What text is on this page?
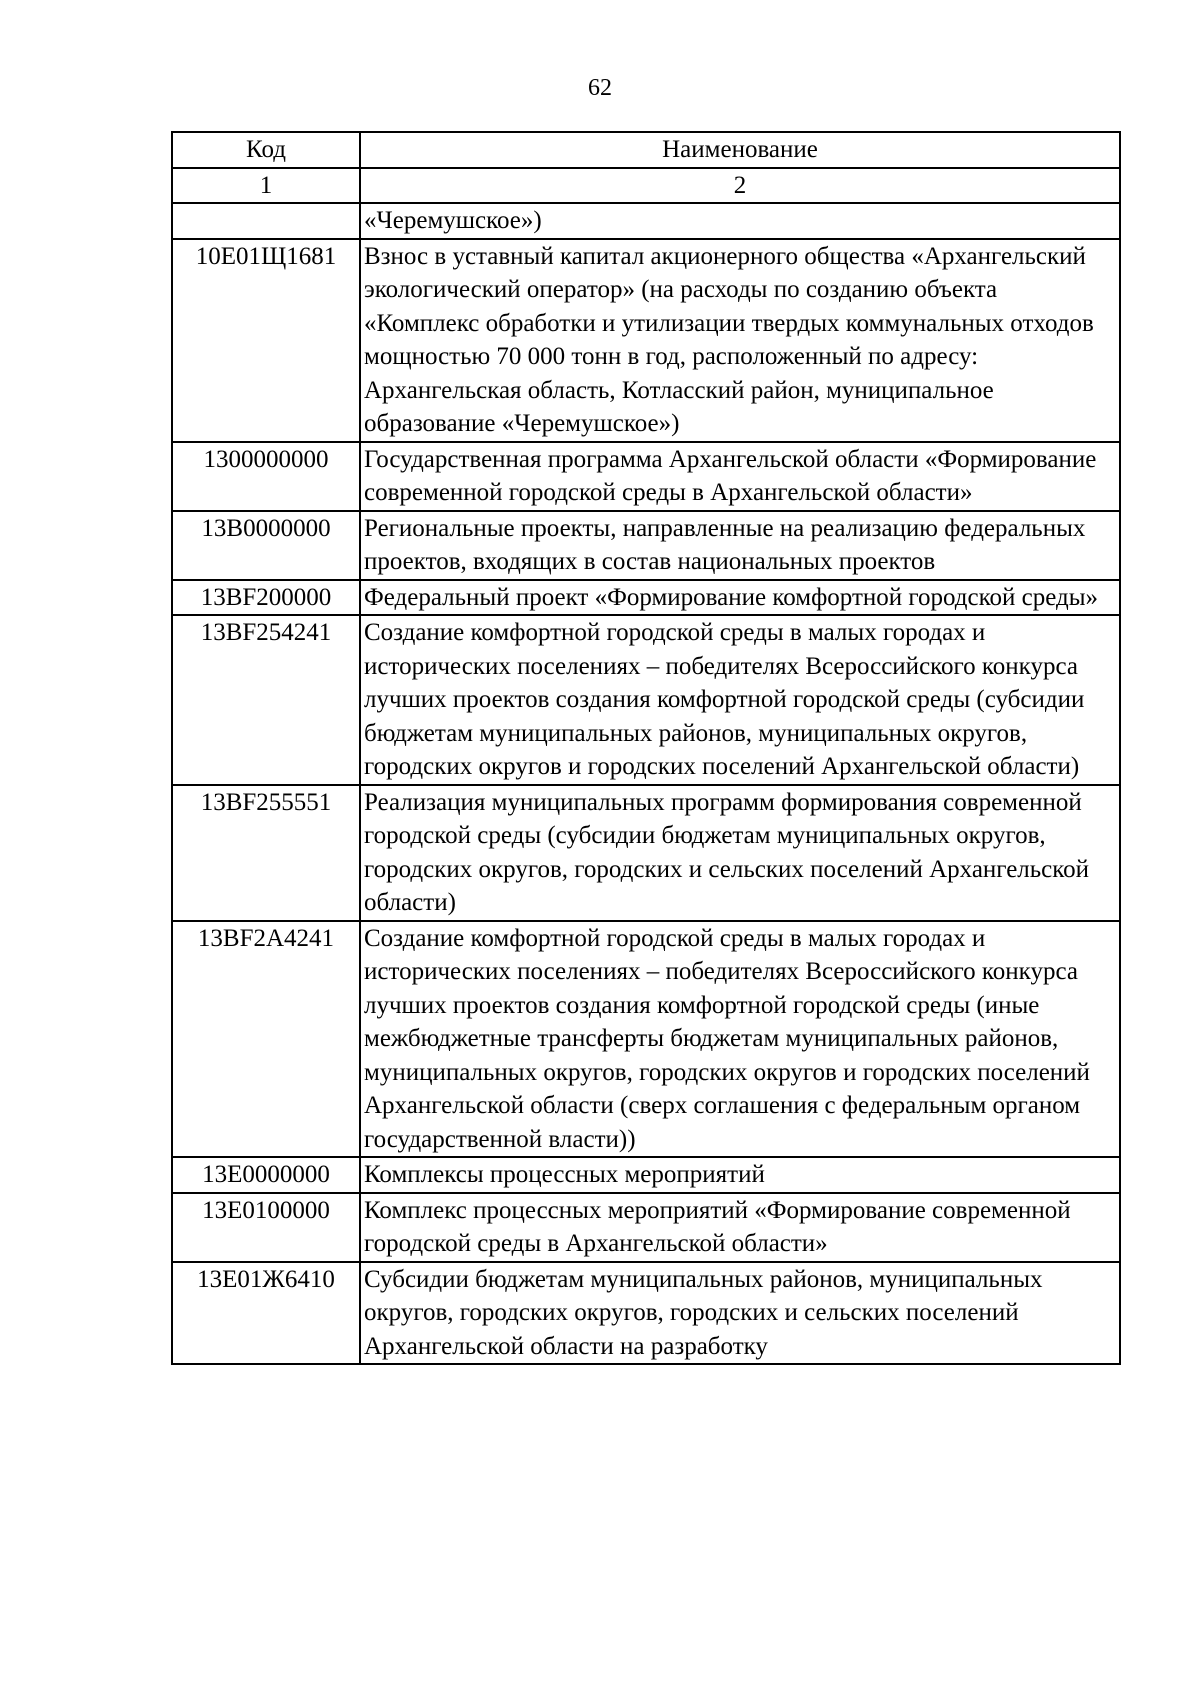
62
Код	Наименование
1	2
	«Черемушское»)
10Е01Щ1681	Взнос в уставный капитал акционерного общества «Архангельский экологический оператор» (на расходы по созданию объекта «Комплекс обработки и утилизации твердых коммунальных отходов мощностью 70 000 тонн в год, расположенный по адресу: Архангельская область, Котласский район, муниципальное образование «Черемушское»)
1300000000	Государственная программа Архангельской области «Формирование современной городской среды в Архангельской области»
13В0000000	Региональные проекты, направленные на реализацию федеральных проектов, входящих в состав национальных проектов
13ВF200000	Федеральный проект «Формирование комфортной городской среды»
13ВF254241	Создание комфортной городской среды в малых городах и исторических поселениях – победителях Всероссийского конкурса лучших проектов создания комфортной городской среды (субсидии бюджетам муниципальных районов, муниципальных округов, городских округов и городских поселений Архангельской области)
13ВF255551	Реализация муниципальных программ формирования современной городской среды (субсидии бюджетам муниципальных округов, городских округов, городских и сельских поселений Архангельской области)
13ВF2А4241	Создание комфортной городской среды в малых городах и исторических поселениях – победителях Всероссийского конкурса лучших проектов создания комфортной городской среды (иные межбюджетные трансферты бюджетам муниципальных районов, муниципальных округов, городских округов и городских поселений Архангельской области (сверх соглашения с федеральным органом государственной власти))
13Е0000000	Комплексы процессных мероприятий
13Е0100000	Комплекс процессных мероприятий «Формирование современной городской среды в Архангельской области»
13Е01Ж6410	Субсидии бюджетам муниципальных районов, муниципальных округов, городских округов, городских и сельских поселений Архангельской области на разработку
